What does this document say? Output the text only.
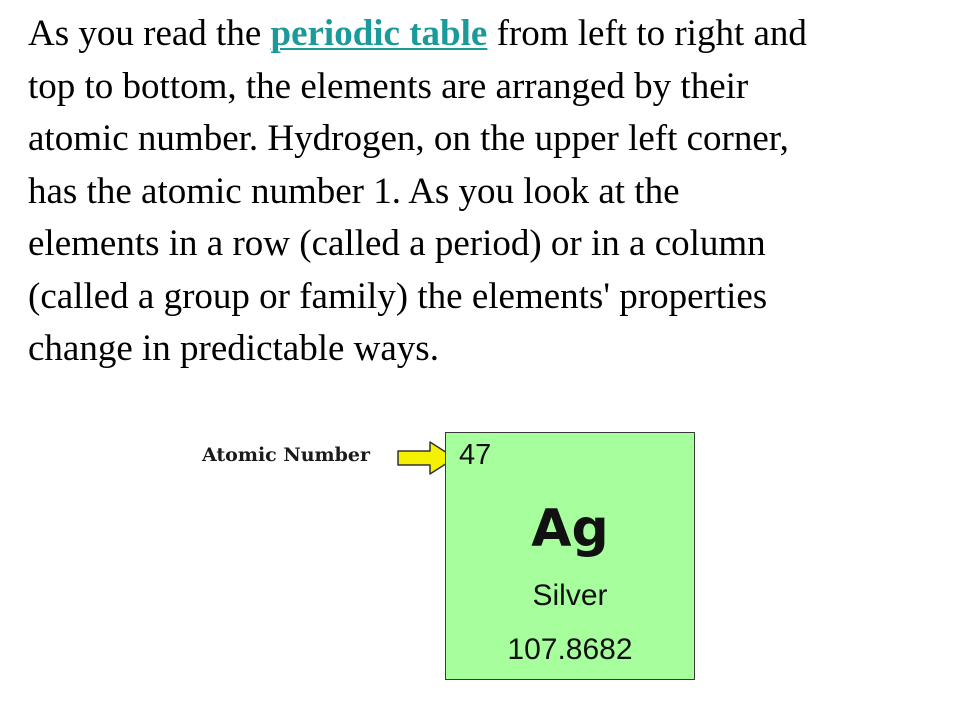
As you read the periodic table from left to right and
top to bottom, the elements are arranged by their
atomic number. Hydrogen, on the upper left corner,
has the atomic number 1. As you look at the
elements in a row (called a period) or in a column
(called a group or family) the elements' properties
change in predictable ways.

Atomic Number	47
Ag
Silver
107.8682
